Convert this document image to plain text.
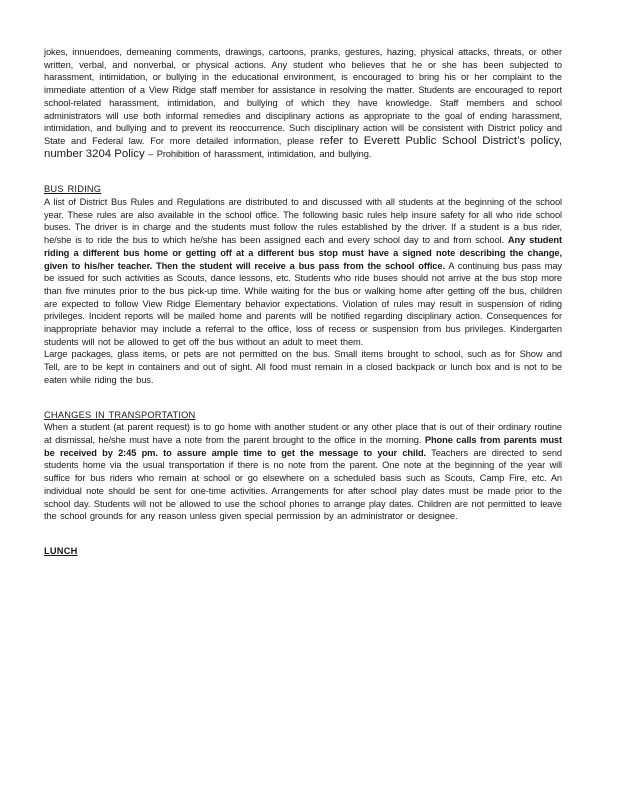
jokes, innuendoes, demeaning comments, drawings, cartoons, pranks, gestures, hazing, physical attacks, threats, or other written, verbal, and nonverbal, or physical actions. Any student who believes that he or she has been subjected to harassment, intimidation, or bullying in the educational environment, is encouraged to bring his or her complaint to the immediate attention of a View Ridge staff member for assistance in resolving the matter. Students are encouraged to report school-related harassment, intimidation, and bullying of which they have knowledge. Staff members and school administrators will use both informal remedies and disciplinary actions as appropriate to the goal of ending harassment, intimidation, and bullying and to prevent its reoccurrence. Such disciplinary action will be consistent with District policy and State and Federal law. For more detailed information, please refer to Everett Public School District’s policy, number 3204 Policy – Prohibition of harassment, intimidation, and bullying.

BUS RIDING

A list of District Bus Rules and Regulations are distributed to and discussed with all students at the beginning of the school year. These rules are also available in the school office. The following basic rules help insure safety for all who ride school buses. The driver is in charge and the students must follow the rules established by the driver. If a student is a bus rider, he/she is to ride the bus to which he/she has been assigned each and every school day to and from school. Any student riding a different bus home or getting off at a different bus stop must have a signed note describing the change, given to his/her teacher. Then the student will receive a bus pass from the school office. A continuing bus pass may be issued for such activities as Scouts, dance lessons, etc. Students who ride buses should not arrive at the bus stop more than five minutes prior to the bus pick-up time. While waiting for the bus or walking home after getting off the bus, children are expected to follow View Ridge Elementary behavior expectations. Violation of rules may result in suspension of riding privileges. Incident reports will be mailed home and parents will be notified regarding disciplinary action. Consequences for inappropriate behavior may include a referral to the office, loss of recess or suspension from bus privileges. Kindergarten students will not be allowed to get off the bus without an adult to meet them.

Large packages, glass items, or pets are not permitted on the bus. Small items brought to school, such as for Show and Tell, are to be kept in containers and out of sight. All food must remain in a closed backpack or lunch box and is not to be eaten while riding the bus.

CHANGES IN TRANSPORTATION

When a student (at parent request) is to go home with another student or any other place that is out of their ordinary routine at dismissal, he/she must have a note from the parent brought to the office in the morning. Phone calls from parents must be received by 2:45 pm. to assure ample time to get the message to your child. Teachers are directed to send students home via the usual transportation if there is no note from the parent. One note at the beginning of the year will suffice for bus riders who remain at school or go elsewhere on a scheduled basis such as Scouts, Camp Fire, etc. An individual note should be sent for one-time activities. Arrangements for after school play dates must be made prior to the school day. Students will not be allowed to use the school phones to arrange play dates. Children are not permitted to leave the school grounds for any reason unless given special permission by an administrator or designee.

LUNCH
